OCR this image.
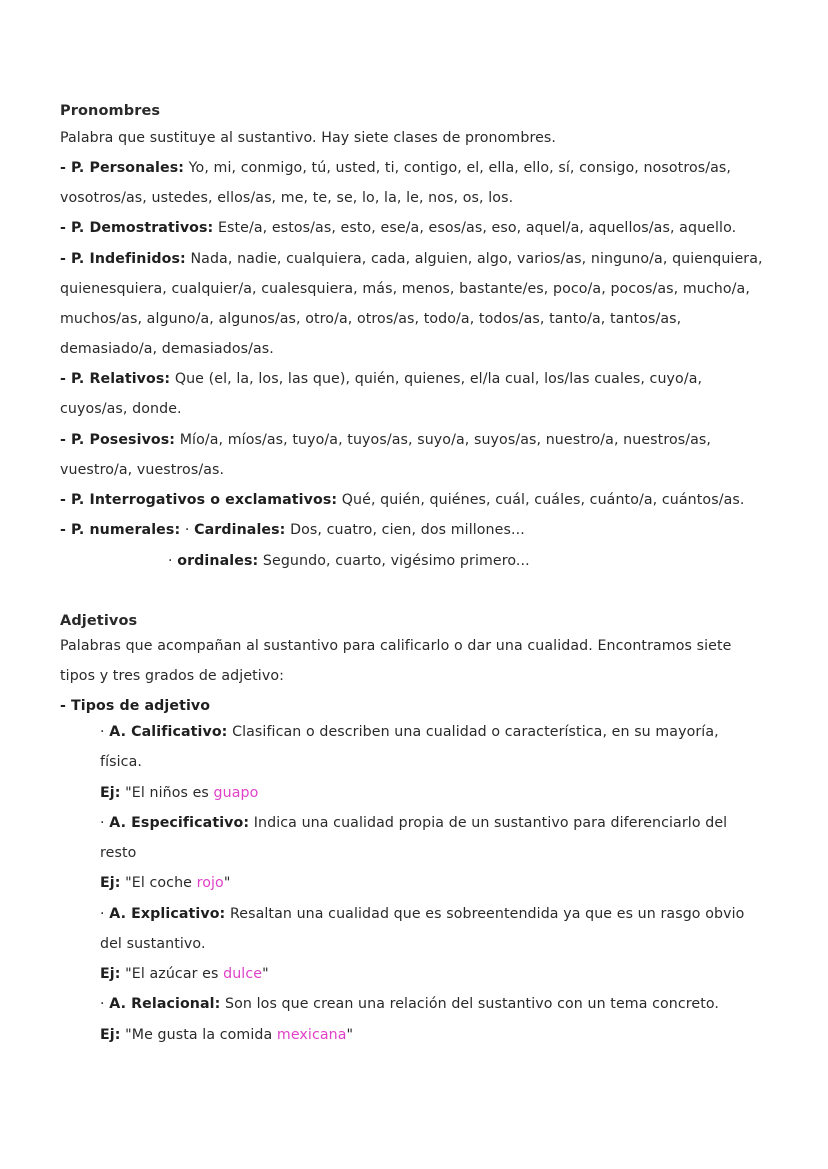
Pronombres
Palabra que sustituye al sustantivo. Hay siete clases de pronombres.
- P. Personales: Yo, mi, conmigo, tú, usted, ti, contigo, el, ella, ello, sí, consigo, nosotros/as,
vosotros/as, ustedes, ellos/as, me, te, se, lo, la, le, nos, os, los.
- P. Demostrativos: Este/a, estos/as, esto, ese/a, esos/as, eso, aquel/a, aquellos/as, aquello.
- P. Indefinidos: Nada, nadie, cualquiera, cada, alguien, algo, varios/as, ninguno/a, quienquiera,
quienesquiera, cualquier/a, cualesquiera, más, menos, bastante/es, poco/a, pocos/as, mucho/a,
muchos/as, alguno/a, algunos/as, otro/a, otros/as, todo/a, todos/as, tanto/a, tantos/as,
demasiado/a, demasiados/as.
- P. Relativos: Que (el, la, los, las que), quién, quienes, el/la cual, los/las cuales, cuyo/a,
cuyos/as, donde.
- P. Posesivos: Mío/a, míos/as, tuyo/a, tuyos/as, suyo/a, suyos/as, nuestro/a, nuestros/as,
vuestro/a, vuestros/as.
- P. Interrogativos o exclamativos: Qué, quién, quiénes, cuál, cuáles, cuánto/a, cuántos/as.
- P. numerales: · Cardinales: Dos, cuatro, cien, dos millones...
· ordinales: Segundo, cuarto, vigésimo primero...
Adjetivos
Palabras que acompañan al sustantivo para calificarlo o dar una cualidad. Encontramos siete
tipos y tres grados de adjetivo:
- Tipos de adjetivo
· A. Calificativo: Clasifican o describen una cualidad o característica, en su mayoría,
física.
Ej: "El niños es guapo
· A. Especificativo: Indica una cualidad propia de un sustantivo para diferenciarlo del
resto
Ej: "El coche rojo"
· A. Explicativo: Resaltan una cualidad que es sobreentendida ya que es un rasgo obvio
del sustantivo.
Ej: "El azúcar es dulce"
· A. Relacional: Son los que crean una relación del sustantivo con un tema concreto.
Ej: "Me gusta la comida mexicana"
